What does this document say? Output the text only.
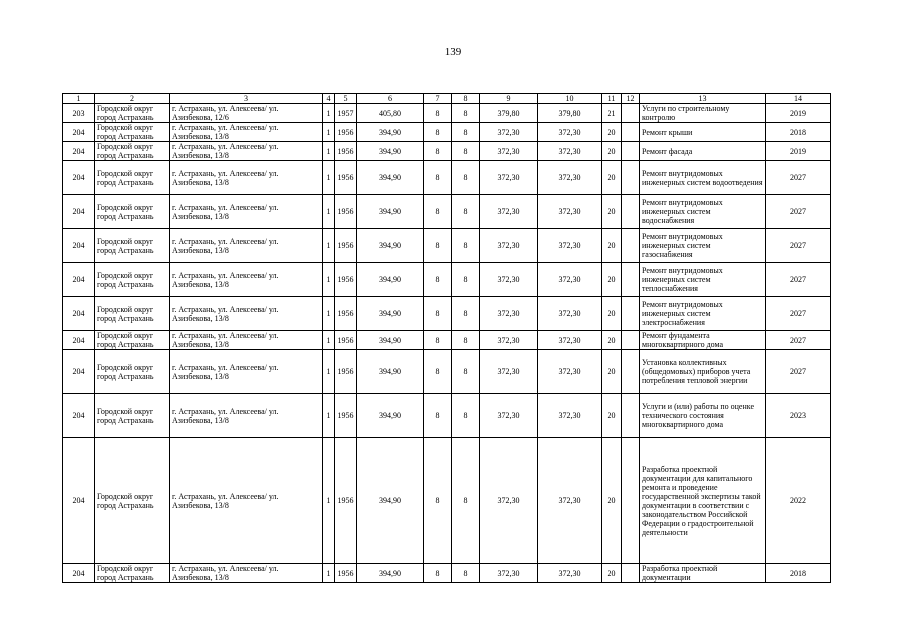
139
1	2	3	4	5	6	7	8	9	10	11	12	13	14
203	Городской округ город Астрахань	г. Астрахань, ул. Алексеева/ ул. Азизбекова, 12/6	1	1957	405,80	8	8	379,80	379,80	21		Услуги по строительному контролю	2019
204	Городской округ город Астрахань	г. Астрахань, ул. Алексеева/ ул. Азизбекова, 13/8	1	1956	394,90	8	8	372,30	372,30	20		Ремонт крыши	2018
204	Городской округ город Астрахань	г. Астрахань, ул. Алексеева/ ул. Азизбекова, 13/8	1	1956	394,90	8	8	372,30	372,30	20		Ремонт фасада	2019
204	Городской округ город Астрахань	г. Астрахань, ул. Алексеева/ ул. Азизбекова, 13/8	1	1956	394,90	8	8	372,30	372,30	20		Ремонт внутридомовых инженерных систем водоотведения	2027
204	Городской округ город Астрахань	г. Астрахань, ул. Алексеева/ ул. Азизбекова, 13/8	1	1956	394,90	8	8	372,30	372,30	20		Ремонт внутридомовых инженерных систем водоснабжения	2027
204	Городской округ город Астрахань	г. Астрахань, ул. Алексеева/ ул. Азизбекова, 13/8	1	1956	394,90	8	8	372,30	372,30	20		Ремонт внутридомовых инженерных систем газоснабжения	2027
204	Городской округ город Астрахань	г. Астрахань, ул. Алексеева/ ул. Азизбекова, 13/8	1	1956	394,90	8	8	372,30	372,30	20		Ремонт внутридомовых инженерных систем теплоснабжения	2027
204	Городской округ город Астрахань	г. Астрахань, ул. Алексеева/ ул. Азизбекова, 13/8	1	1956	394,90	8	8	372,30	372,30	20		Ремонт внутридомовых инженерных систем электроснабжения	2027
204	Городской округ город Астрахань	г. Астрахань, ул. Алексеева/ ул. Азизбекова, 13/8	1	1956	394,90	8	8	372,30	372,30	20		Ремонт фундамента многоквартирного дома	2027
204	Городской округ город Астрахань	г. Астрахань, ул. Алексеева/ ул. Азизбекова, 13/8	1	1956	394,90	8	8	372,30	372,30	20		Установка коллективных (общедомовых) приборов учета потребления тепловой энергии	2027
204	Городской округ город Астрахань	г. Астрахань, ул. Алексеева/ ул. Азизбекова, 13/8	1	1956	394,90	8	8	372,30	372,30	20		Услуги и (или) работы по оценке технического состояния многоквартирного дома	2023
204	Городской округ город Астрахань	г. Астрахань, ул. Алексеева/ ул. Азизбекова, 13/8	1	1956	394,90	8	8	372,30	372,30	20		Разработка проектной документации для капитального ремонта и проведение государственной экспертизы такой документации в соответствии с законодательством Российской Федерации о градостроительной деятельности	2022
204	Городской округ город Астрахань	г. Астрахань, ул. Алексеева/ ул. Азизбекова, 13/8	1	1956	394,90	8	8	372,30	372,30	20		Разработка проектной документации	2018
